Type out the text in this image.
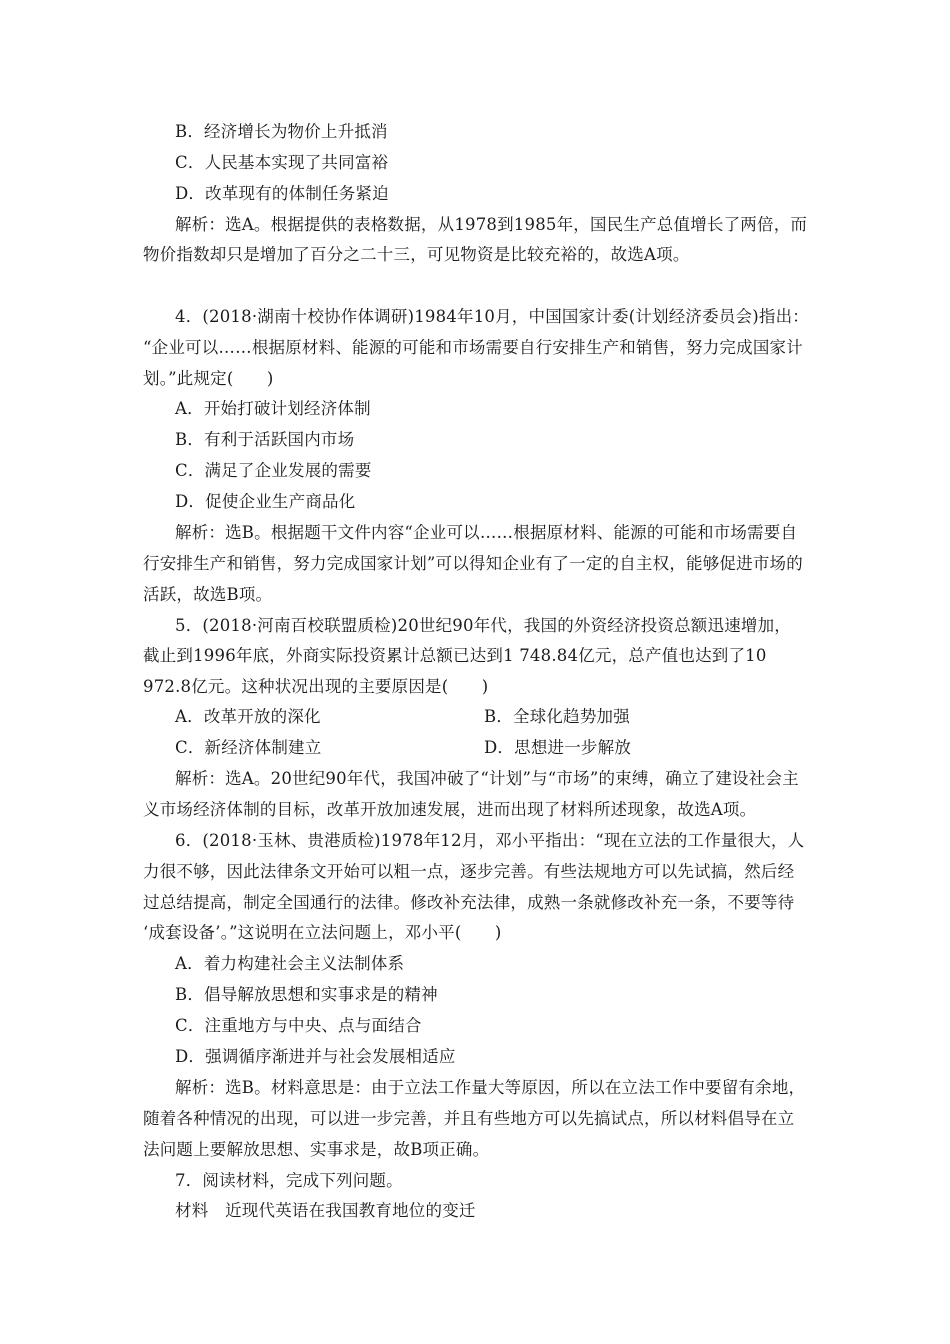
B．经济增长为物价上升抵消
C．人民基本实现了共同富裕
D．改革现有的体制任务紧迫
解析：选A。根据提供的表格数据，从1978到1985年，国民生产总值增长了两倍，而
物价指数却只是增加了百分之二十三，可见物资是比较充裕的，故选A项。
4．(2018·湖南十校协作体调研)1984年10月，中国国家计委(计划经济委员会)指出：
“企业可以……根据原材料、能源的可能和市场需要自行安排生产和销售，努力完成国家计
划。”此规定(　　)
A．开始打破计划经济体制
B．有利于活跃国内市场
C．满足了企业发展的需要
D．促使企业生产商品化
解析：选B。根据题干文件内容“企业可以……根据原材料、能源的可能和市场需要自
行安排生产和销售，努力完成国家计划”可以得知企业有了一定的自主权，能够促进市场的
活跃，故选B项。
5．(2018·河南百校联盟质检)20世纪90年代，我国的外资经济投资总额迅速增加，
截止到1996年底，外商实际投资累计总额已达到1 748.84亿元，总产值也达到了10
972.8亿元。这种状况出现的主要原因是(　　)
A．改革开放的深化	B．全球化趋势加强
C．新经济体制建立	D．思想进一步解放
解析：选A。20世纪90年代，我国冲破了“计划”与“市场”的束缚，确立了建设社会主
义市场经济体制的目标，改革开放加速发展，进而出现了材料所述现象，故选A项。
6．(2018·玉林、贵港质检)1978年12月，邓小平指出：“现在立法的工作量很大，人
力很不够，因此法律条文开始可以粗一点，逐步完善。有些法规地方可以先试搞，然后经
过总结提高，制定全国通行的法律。修改补充法律，成熟一条就修改补充一条，不要等待
‘成套设备’。”这说明在立法问题上，邓小平(　　)
A．着力构建社会主义法制体系
B．倡导解放思想和实事求是的精神
C．注重地方与中央、点与面结合
D．强调循序渐进并与社会发展相适应
解析：选B。材料意思是：由于立法工作量大等原因，所以在立法工作中要留有余地，
随着各种情况的出现，可以进一步完善，并且有些地方可以先搞试点，所以材料倡导在立
法问题上要解放思想、实事求是，故B项正确。
7．阅读材料，完成下列问题。
材料　近现代英语在我国教育地位的变迁
